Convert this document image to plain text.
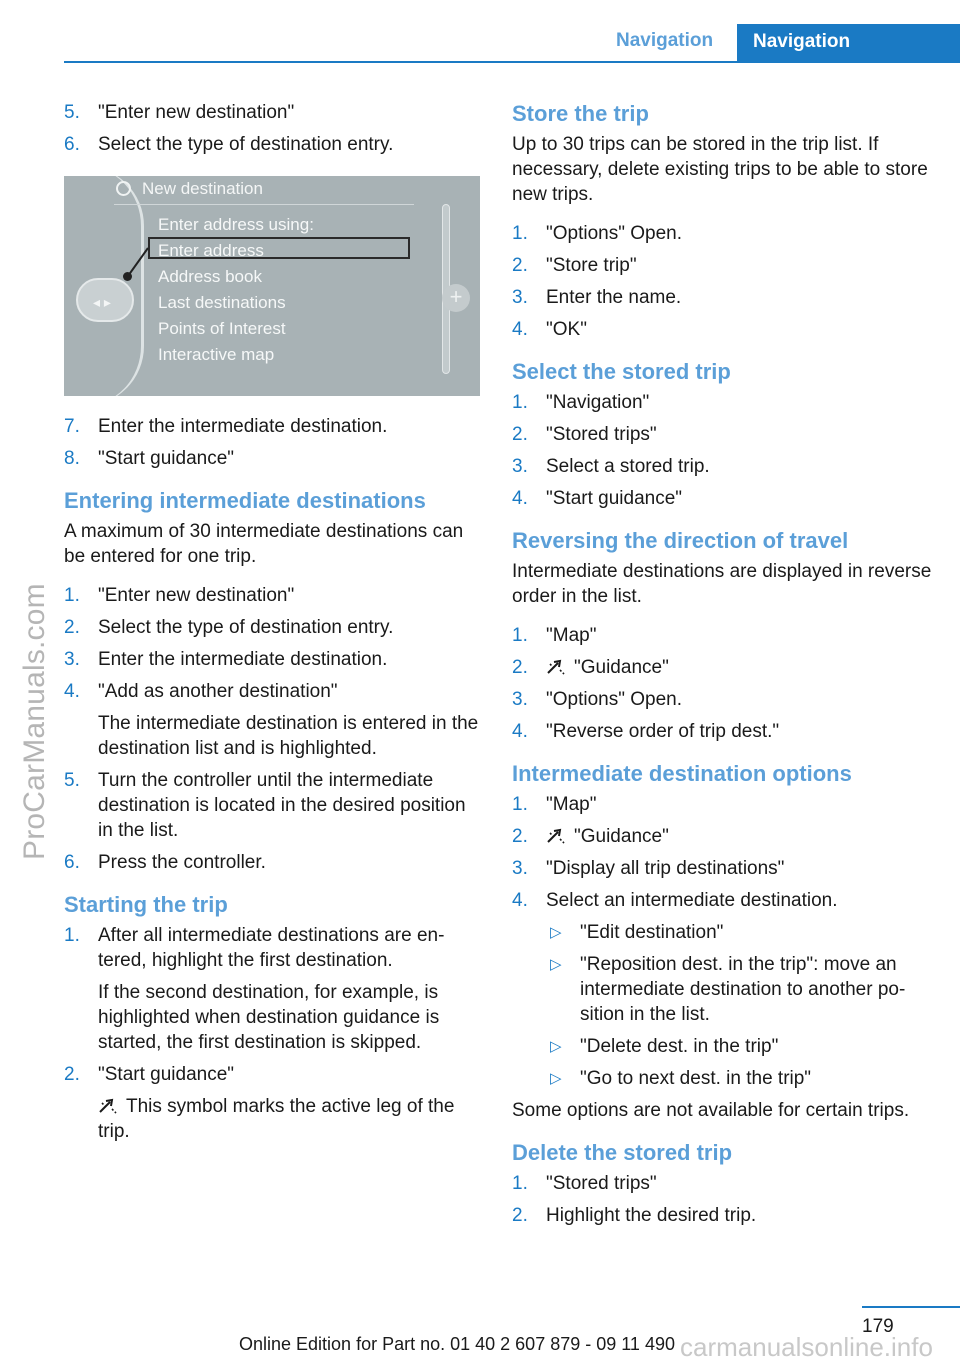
Navigation	Navigation
ProCarManuals.com
5. "Enter new destination"
6. Select the type of destination entry.
◂ ▸	+
New destination
Enter address using:
Enter address
Address book
Last destinations
Points of Interest
Interactive map
7. Enter the intermediate destination.
8. "Start guidance"
Entering intermediate destinations

A maximum of 30 intermediate destinations can be entered for one trip.

1. "Enter new destination"
2. Select the type of destination entry.
3. Enter the intermediate destination.
4. "Add as another destination"
The intermediate destination is entered in the destination list and is highlighted.
5. Turn the controller until the intermediate destination is located in the desired position in the list.
6. Press the controller.
Starting the trip
1. After all intermediate destinations are entered, highlight the first destination.
If the second destination, for example, is highlighted when destination guidance is started, the first destination is skipped.
2. "Start guidance"
This symbol marks the active leg of the trip.
Store the trip

Up to 30 trips can be stored in the trip list. If necessary, delete existing trips to be able to store new trips.

1. "Options" Open.
2. "Store trip"
3. Enter the name.
4. "OK"
Select the stored trip
1. "Navigation"
2. "Stored trips"
3. Select a stored trip.
4. "Start guidance"
Reversing the direction of travel

Intermediate destinations are displayed in reverse order in the list.

1. "Map"
2.	"Guidance"
3. "Options" Open.
4. "Reverse order of trip dest."
Intermediate destination options
1. "Map"
2.	"Guidance"
3. "Display all trip destinations"
4. Select an intermediate destination.
▷ "Edit destination"
▷ "Reposition dest. in the trip": move an intermediate destination to another position in the list.
▷ "Delete dest. in the trip"
▷ "Go to next dest. in the trip"

Some options are not available for certain trips.

Delete the stored trip
1. "Stored trips"
2. Highlight the desired trip.
179
Online Edition for Part no. 01 40 2 607 879 - 09 11 490 carmanualsonline.info
